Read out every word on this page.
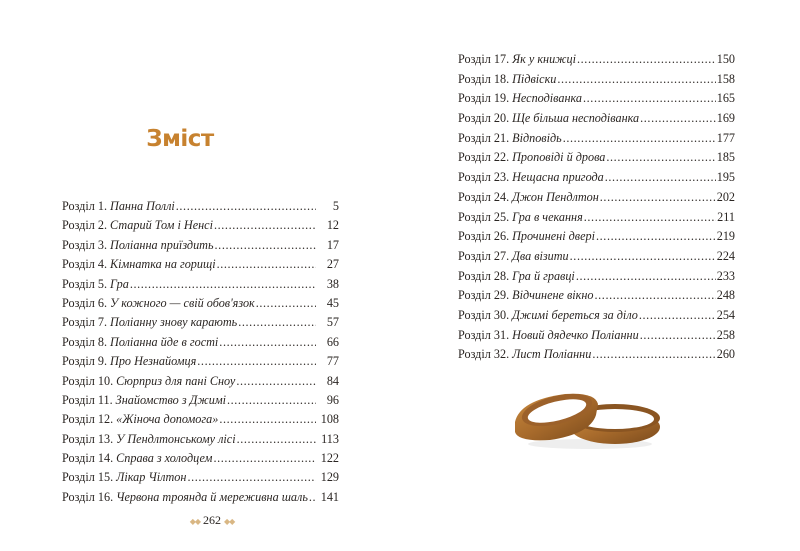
Зміст
Розділ 1. Панна Поллі .....	5
Розділ 2. Старий Том і Ненсі .....	12
Розділ 3. Поліанна приїздить .....	17
Розділ 4. Кімнатка на горищі .....	27
Розділ 5. Гра .....	38
Розділ 6. У кожного — свій обов'язок .....	45
Розділ 7. Поліанну знову карають .....	57
Розділ 8. Поліанна йде в гості .....	66
Розділ 9. Про Незнайомця .....	77
Розділ 10. Сюрприз для пані Сноу .....	84
Розділ 11. Знайомство з Джимі .....	96
Розділ 12. «Жіноча допомога» .....	108
Розділ 13. У Пендлтонському лісі .....	113
Розділ 14. Справа з холодцем .....	122
Розділ 15. Лікар Чілтон .....	129
Розділ 16. Червона троянда й мереживна шаль .....	141
Розділ 17. Як у книжці .....	150
Розділ 18. Підвіски .....	158
Розділ 19. Несподіванка .....	165
Розділ 20. Ще більша несподіванка .....	169
Розділ 21. Відповідь .....	177
Розділ 22. Проповіді й дрова .....	185
Розділ 23. Нещасна пригода .....	195
Розділ 24. Джон Пендлтон .....	202
Розділ 25. Гра в чекання .....	211
Розділ 26. Прочинені двері .....	219
Розділ 27. Два візити .....	224
Розділ 28. Гра й гравці .....	233
Розділ 29. Відчинене вікно .....	248
Розділ 30. Джимі береться за діло .....	254
Розділ 31. Новий дядечко Поліанни .....	258
Розділ 32. Лист Поліанни .....	260
◆◆ 262 ◆◆
